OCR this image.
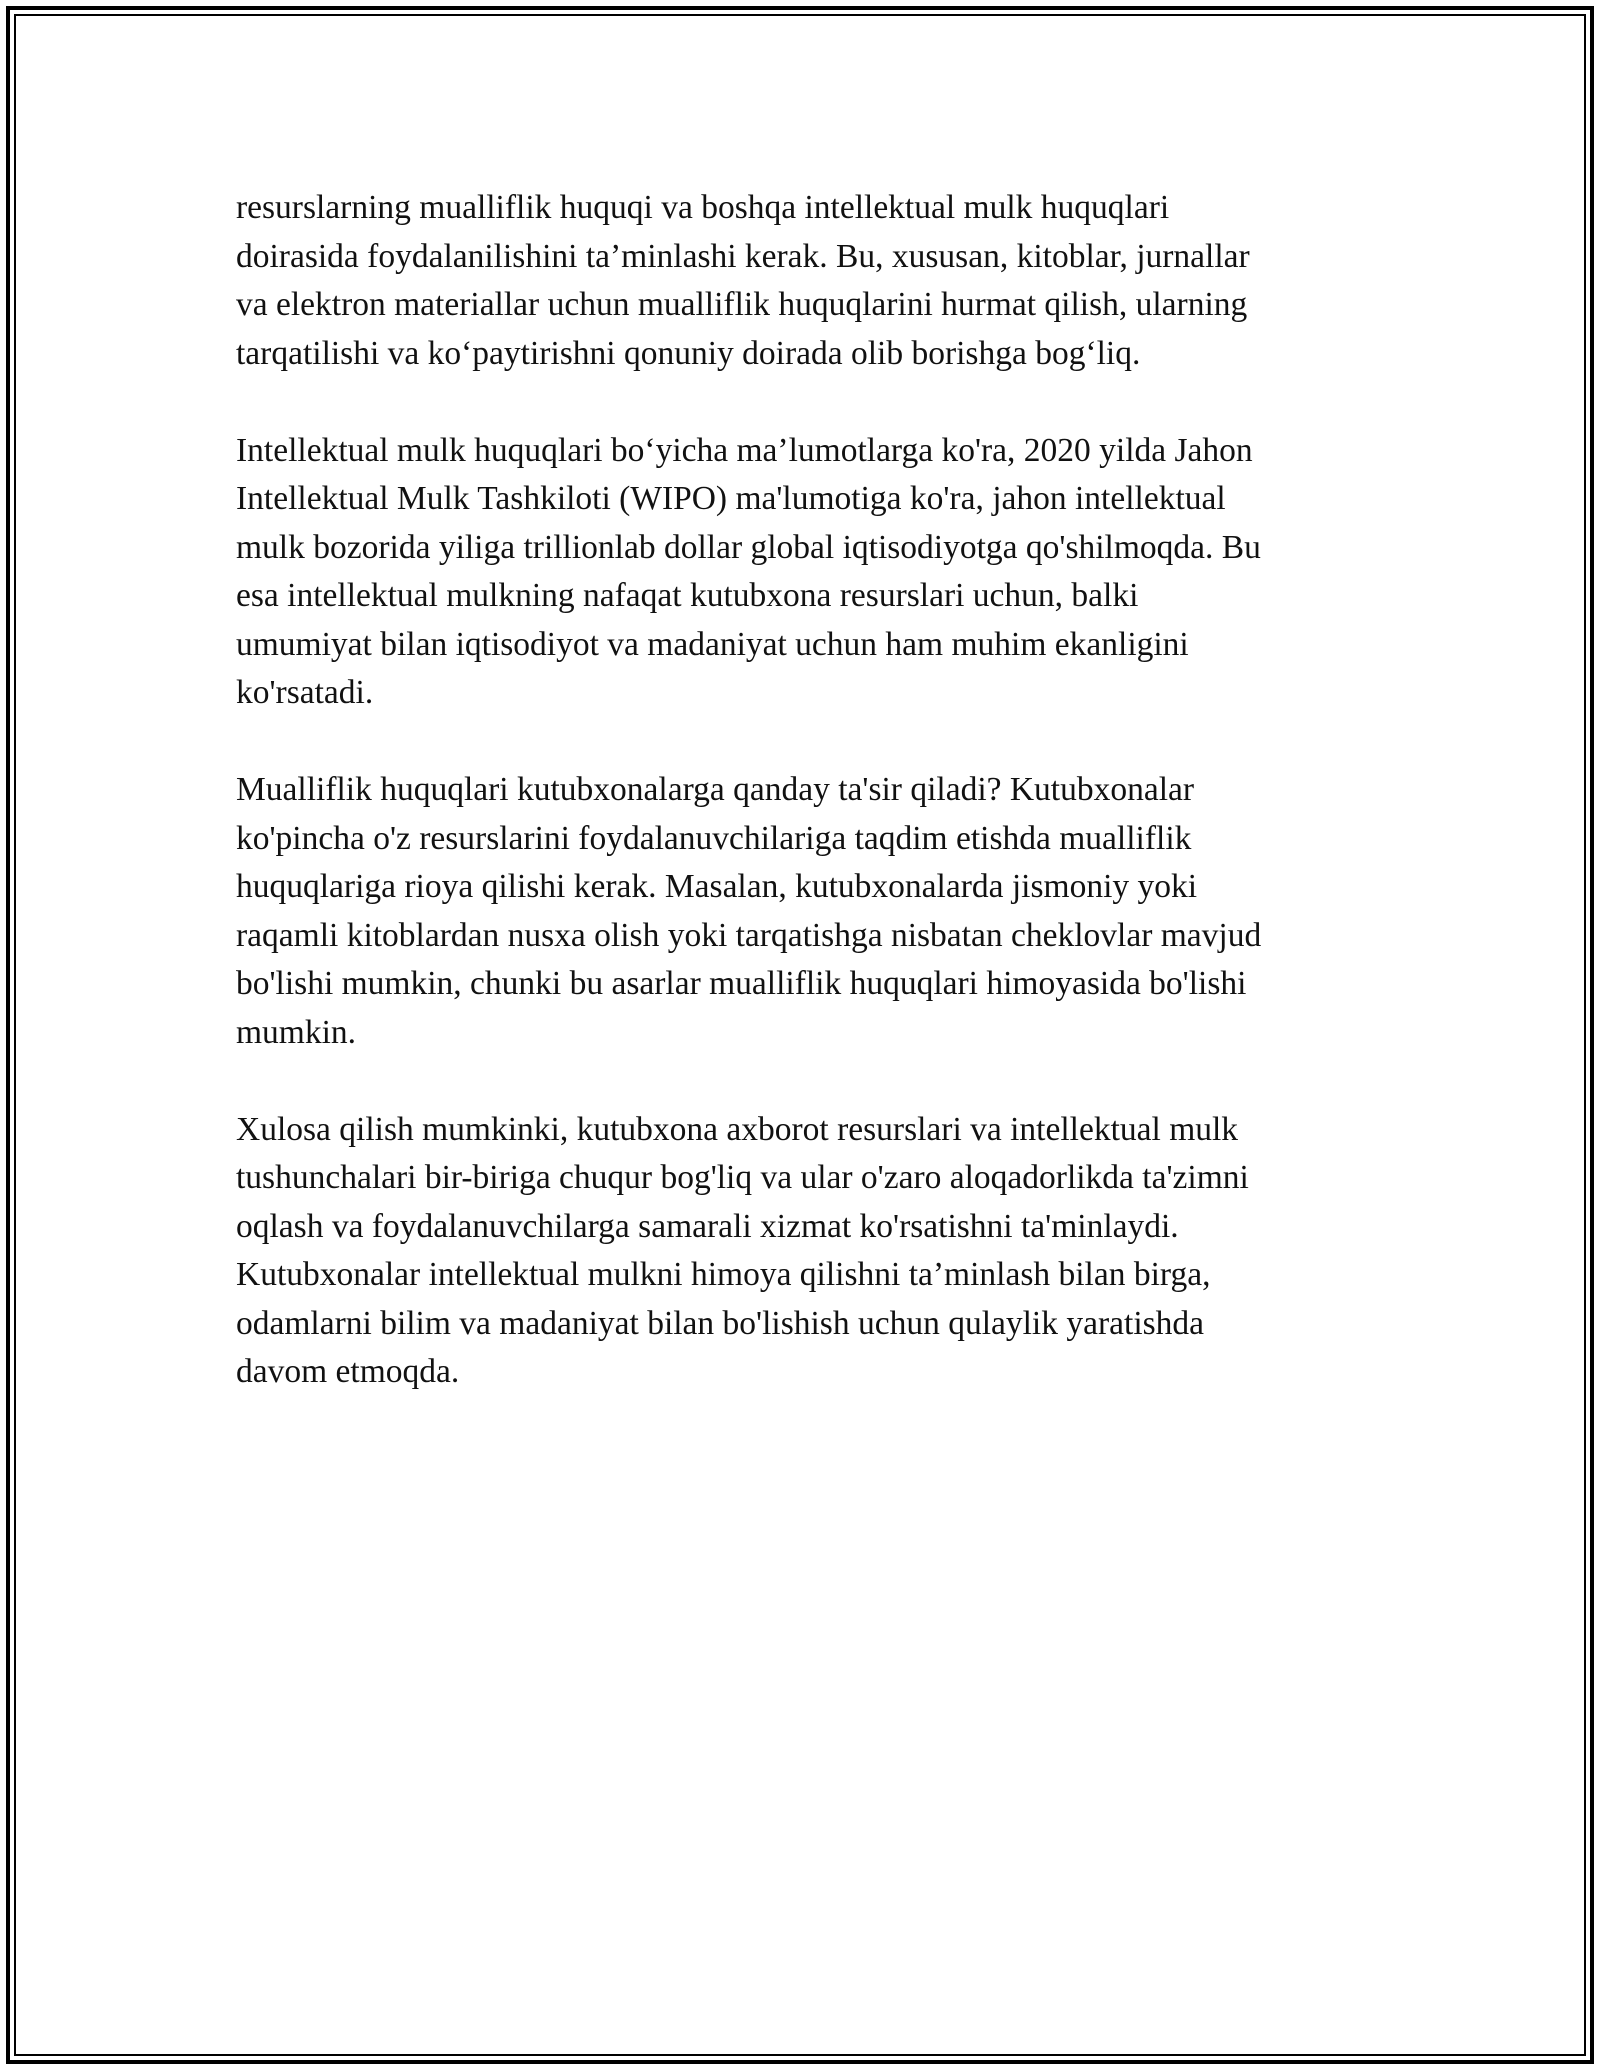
resurslarning mualliflik huquqi va boshqa intellektual mulk huquqlari
doirasida foydalanilishini ta’minlashi kerak. Bu, xususan, kitoblar, jurnallar
va elektron materiallar uchun mualliflik huquqlarini hurmat qilish, ularning
tarqatilishi va ko‘paytirishni qonuniy doirada olib borishga bog‘liq.

Intellektual mulk huquqlari bo‘yicha ma’lumotlarga ko'ra, 2020 yilda Jahon
Intellektual Mulk Tashkiloti (WIPO) ma'lumotiga ko'ra, jahon intellektual
mulk bozorida yiliga trillionlab dollar global iqtisodiyotga qo'shilmoqda. Bu
esa intellektual mulkning nafaqat kutubxona resurslari uchun, balki
umumiyat bilan iqtisodiyot va madaniyat uchun ham muhim ekanligini
ko'rsatadi.

Mualliflik huquqlari kutubxonalarga qanday ta'sir qiladi? Kutubxonalar
ko'pincha o'z resurslarini foydalanuvchilariga taqdim etishda mualliflik
huquqlariga rioya qilishi kerak. Masalan, kutubxonalarda jismoniy yoki
raqamli kitoblardan nusxa olish yoki tarqatishga nisbatan cheklovlar mavjud
bo'lishi mumkin, chunki bu asarlar mualliflik huquqlari himoyasida bo'lishi
mumkin.

Xulosa qilish mumkinki, kutubxona axborot resurslari va intellektual mulk
tushunchalari bir-biriga chuqur bog'liq va ular o'zaro aloqadorlikda ta'zimni
oqlash va foydalanuvchilarga samarali xizmat ko'rsatishni ta'minlaydi.
Kutubxonalar intellektual mulkni himoya qilishni ta’minlash bilan birga,
odamlarni bilim va madaniyat bilan bo'lishish uchun qulaylik yaratishda
davom etmoqda.
